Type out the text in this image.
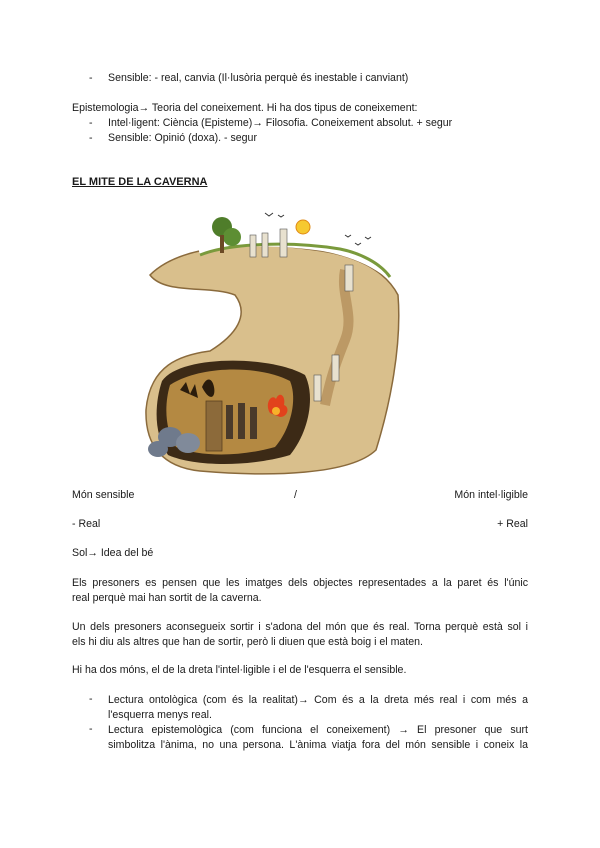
-	Sensible: - real, canvia (Il·lusòria perquè és inestable i canviant)
Epistemologia→ Teoria del coneixement. Hi ha dos tipus de coneixement:
-	Intel·ligent: Ciència (Episteme)→ Filosofia. Coneixement absolut. + segur
-	Sensible: Opinió (doxa). - segur
EL MITE DE LA CAVERNA
Món sensible	/	Món intel·ligible
- Real	+ Real
Sol→ Idea del bé
Els presoners es pensen que les imatges dels objectes representades a la paret és l'únic
real perquè mai han sortit de la caverna.
Un dels presoners aconsegueix sortir i s'adona del món que és real. Torna perquè està sol i
els hi diu als altres que han de sortir, però li diuen que està boig i el maten.
Hi ha dos móns, el de la dreta l'intel·ligible i el de l'esquerra el sensible.
-	Lectura ontològica (com és la realitat)→ Com és a la dreta més real i com més a
l'esquerra menys real.
-	Lectura epistemològica (com funciona el coneixement) → El presoner que surt
simbolitza l'ànima, no una persona. L'ànima viatja fora del món sensible i coneix la
